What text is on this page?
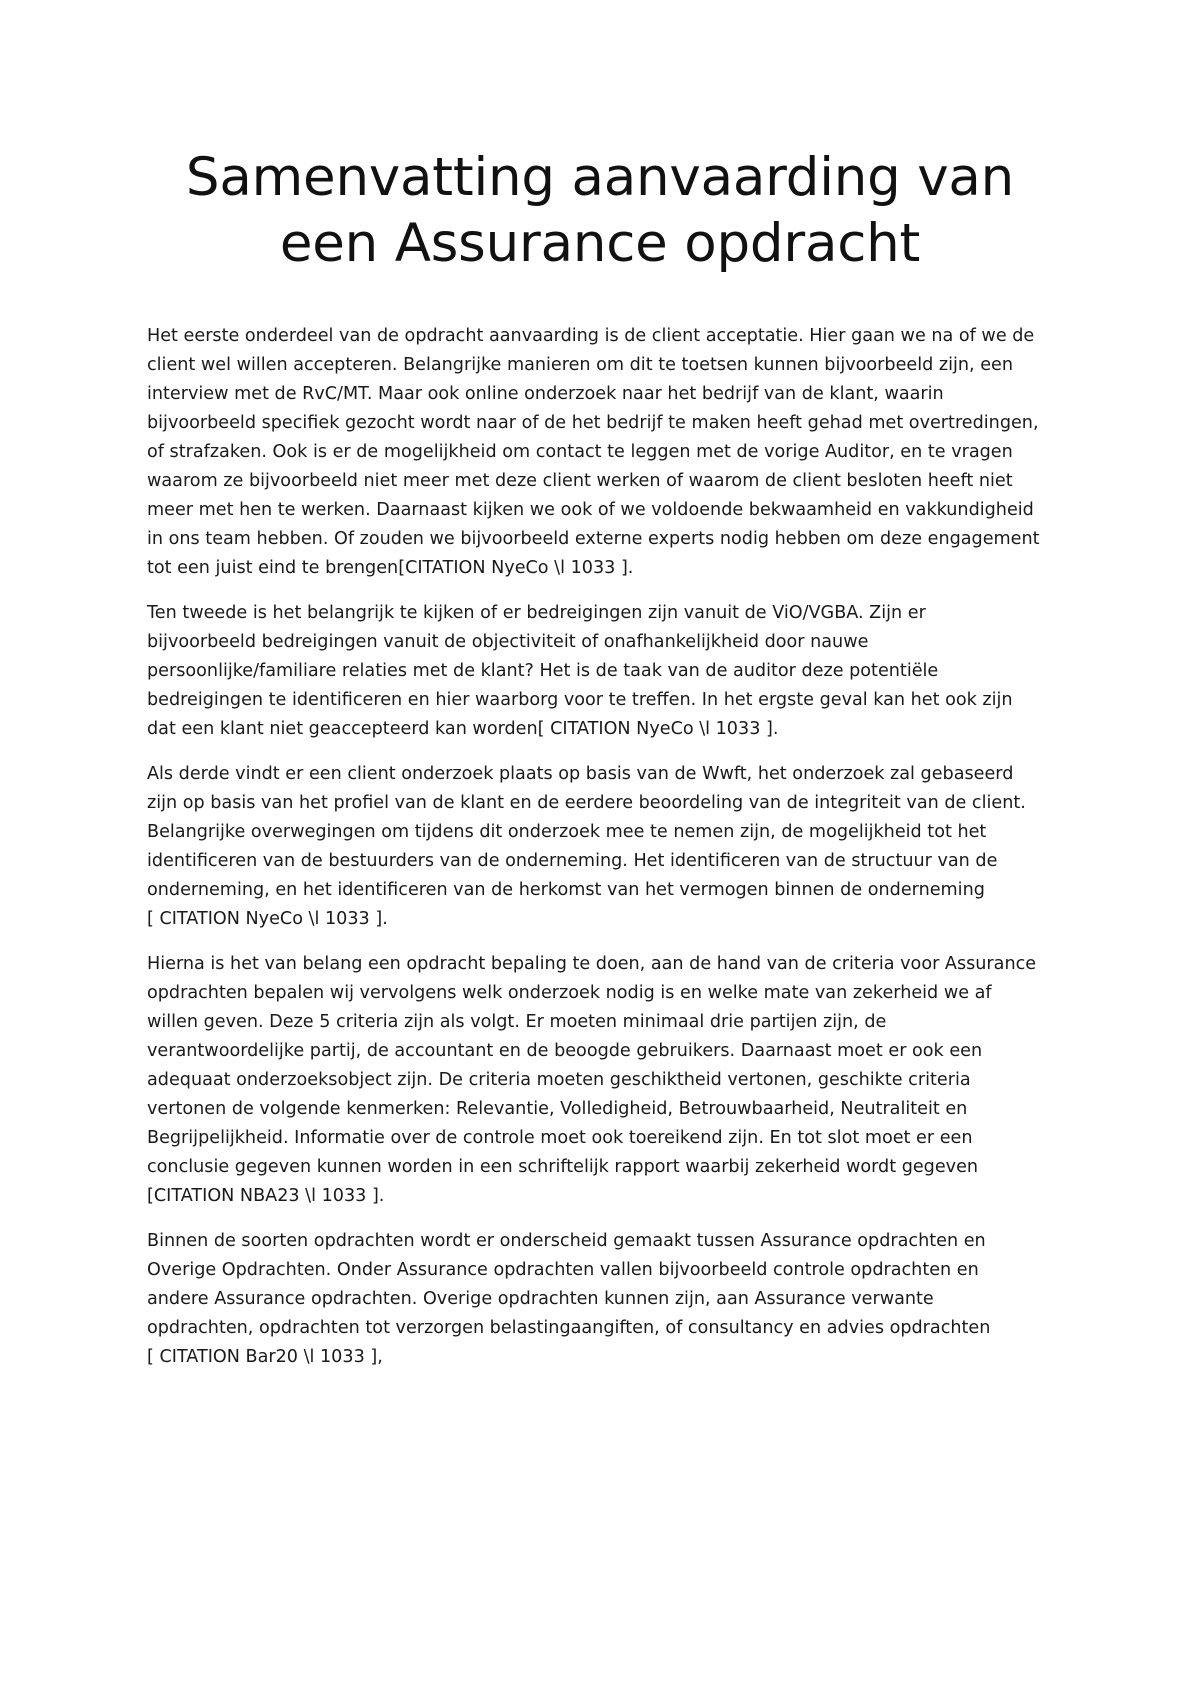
Samenvatting aanvaarding van
een Assurance opdracht

Het eerste onderdeel van de opdracht aanvaarding is de client acceptatie. Hier gaan we na of we de
client wel willen accepteren. Belangrijke manieren om dit te toetsen kunnen bijvoorbeeld zijn, een
interview met de RvC/MT. Maar ook online onderzoek naar het bedrijf van de klant, waarin
bijvoorbeeld specifiek gezocht wordt naar of de het bedrijf te maken heeft gehad met overtredingen,
of strafzaken. Ook is er de mogelijkheid om contact te leggen met de vorige Auditor, en te vragen
waarom ze bijvoorbeeld niet meer met deze client werken of waarom de client besloten heeft niet
meer met hen te werken. Daarnaast kijken we ook of we voldoende bekwaamheid en vakkundigheid
in ons team hebben. Of zouden we bijvoorbeeld externe experts nodig hebben om deze engagement
tot een juist eind te brengen[CITATION NyeCo \l 1033 ].

Ten tweede is het belangrijk te kijken of er bedreigingen zijn vanuit de ViO/VGBA. Zijn er
bijvoorbeeld bedreigingen vanuit de objectiviteit of onafhankelijkheid door nauwe
persoonlijke/familiare relaties met de klant? Het is de taak van de auditor deze potentiële
bedreigingen te identificeren en hier waarborg voor te treffen. In het ergste geval kan het ook zijn
dat een klant niet geaccepteerd kan worden[ CITATION NyeCo \l 1033 ].

Als derde vindt er een client onderzoek plaats op basis van de Wwft, het onderzoek zal gebaseerd
zijn op basis van het profiel van de klant en de eerdere beoordeling van de integriteit van de client.
Belangrijke overwegingen om tijdens dit onderzoek mee te nemen zijn, de mogelijkheid tot het
identificeren van de bestuurders van de onderneming. Het identificeren van de structuur van de
onderneming, en het identificeren van de herkomst van het vermogen binnen de onderneming
[ CITATION NyeCo \l 1033 ].

Hierna is het van belang een opdracht bepaling te doen, aan de hand van de criteria voor Assurance
opdrachten bepalen wij vervolgens welk onderzoek nodig is en welke mate van zekerheid we af
willen geven. Deze 5 criteria zijn als volgt. Er moeten minimaal drie partijen zijn, de
verantwoordelijke partij, de accountant en de beoogde gebruikers. Daarnaast moet er ook een
adequaat onderzoeksobject zijn. De criteria moeten geschiktheid vertonen, geschikte criteria
vertonen de volgende kenmerken: Relevantie, Volledigheid, Betrouwbaarheid, Neutraliteit en
Begrijpelijkheid. Informatie over de controle moet ook toereikend zijn. En tot slot moet er een
conclusie gegeven kunnen worden in een schriftelijk rapport waarbij zekerheid wordt gegeven
[CITATION NBA23 \l 1033 ].

Binnen de soorten opdrachten wordt er onderscheid gemaakt tussen Assurance opdrachten en
Overige Opdrachten. Onder Assurance opdrachten vallen bijvoorbeeld controle opdrachten en
andere Assurance opdrachten. Overige opdrachten kunnen zijn, aan Assurance verwante
opdrachten, opdrachten tot verzorgen belastingaangiften, of consultancy en advies opdrachten
[ CITATION Bar20 \l 1033 ],
